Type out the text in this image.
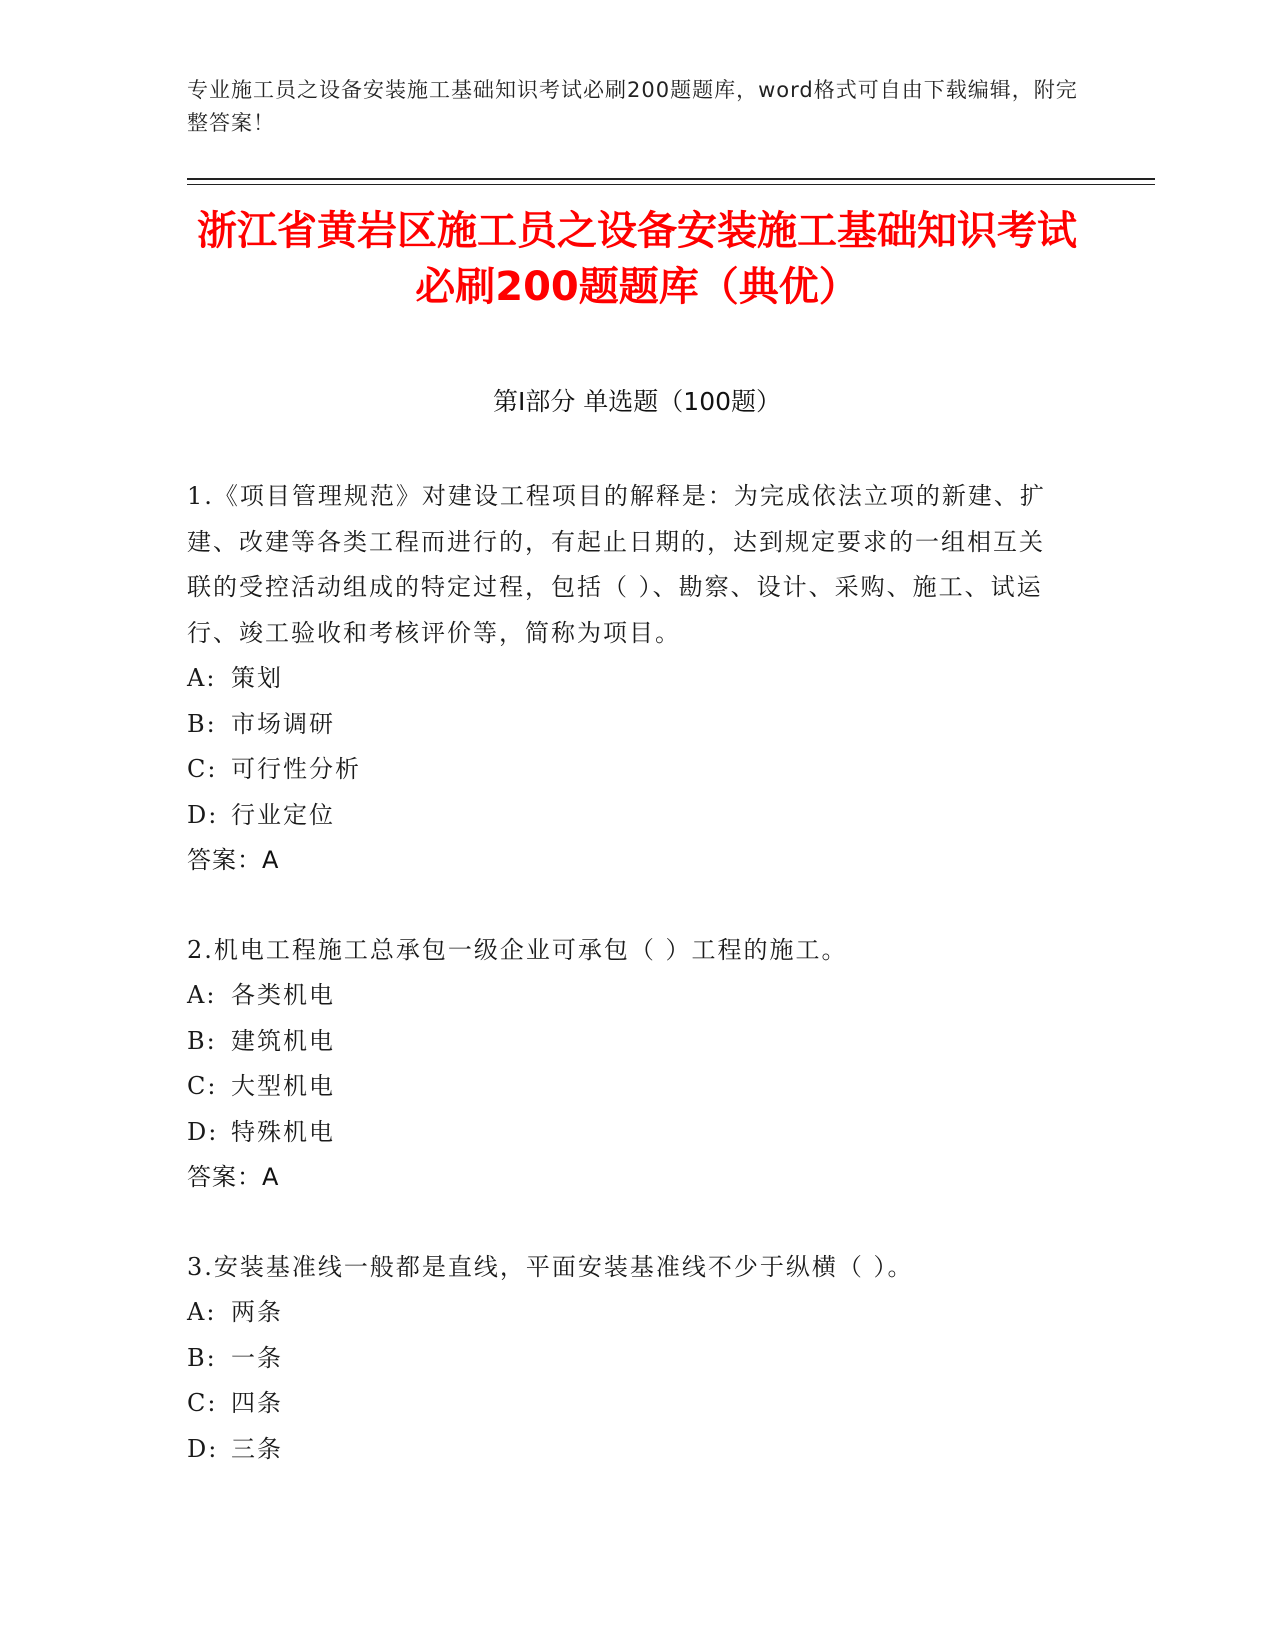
专业施工员之设备安装施工基础知识考试必刷200题题库，word格式可自由下载编辑，附完整答案！
浙江省黄岩区施工员之设备安装施工基础知识考试必刷200题题库（典优）
第I部分 单选题（100题）
1.《项目管理规范》对建设工程项目的解释是：为完成依法立项的新建、扩建、改建等各类工程而进行的，有起止日期的，达到规定要求的一组相互关联的受控活动组成的特定过程，包括（ ）、勘察、设计、采购、施工、试运行、竣工验收和考核评价等，简称为项目。
A: 策划
B: 市场调研
C: 可行性分析
D: 行业定位
答案：A
2.机电工程施工总承包一级企业可承包（ ）工程的施工。
A: 各类机电
B: 建筑机电
C: 大型机电
D: 特殊机电
答案：A
3.安装基准线一般都是直线，平面安装基准线不少于纵横（ ）。
A: 两条
B: 一条
C: 四条
D: 三条
